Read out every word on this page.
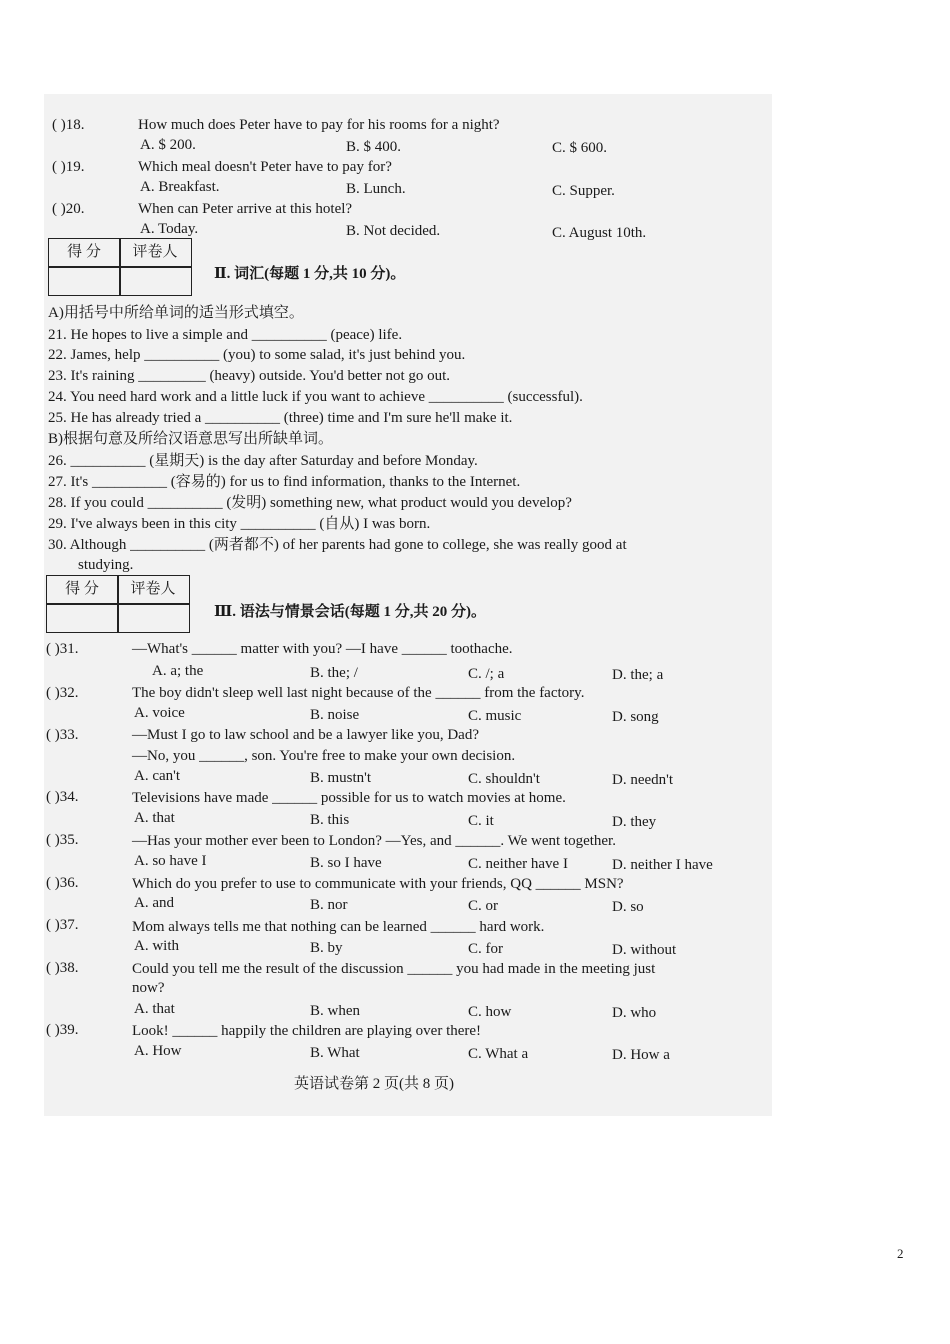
( )18.	How much does Peter have to pay for his rooms for a night?
A. $ 200.	B. $ 400.	C. $ 600.
( )19.	Which meal doesn't Peter have to pay for?
A. Breakfast.	B. Lunch.	C. Supper.
( )20.	When can Peter arrive at this hotel?
A. Today.	B. Not decided.	C. August 10th.
得 分	评卷人
Ⅱ. 词汇(每题 1 分,共 10 分)。
A)用括号中所给单词的适当形式填空。
21. He hopes to live a simple and __________ (peace) life.
22. James, help __________ (you) to some salad, it's just behind you.
23. It's raining _________ (heavy) outside. You'd better not go out.
24. You need hard work and a little luck if you want to achieve __________ (successful).
25. He has already tried a __________ (three) time and I'm sure he'll make it.
B)根据句意及所给汉语意思写出所缺单词。
26. __________ (星期天) is the day after Saturday and before Monday.
27. It's __________ (容易的) for us to find information, thanks to the Internet.
28. If you could __________ (发明) something new, what product would you develop?
29. I've always been in this city __________ (自从) I was born.
30. Although __________ (两者都不) of her parents had gone to college, she was really good at
studying.
得 分	评卷人
Ⅲ. 语法与情景会话(每题 1 分,共 20 分)。
( )31.	—What's ______ matter with you? —I have ______ toothache.
A. a; the	B. the; /	C. /; a	D. the; a
( )32.	The boy didn't sleep well last night because of the ______ from the factory.
A. voice	B. noise	C. music	D. song
( )33.	—Must I go to law school and be a lawyer like you, Dad?
—No, you ______, son. You're free to make your own decision.
A. can't	B. mustn't	C. shouldn't	D. needn't
( )34.	Televisions have made ______ possible for us to watch movies at home.
A. that	B. this	C. it	D. they
( )35.	—Has your mother ever been to London? —Yes, and ______. We went together.
A. so have I	B. so I have	C. neither have I	D. neither I have
( )36.	Which do you prefer to use to communicate with your friends, QQ ______ MSN?
A. and	B. nor	C. or	D. so
( )37.	Mom always tells me that nothing can be learned ______ hard work.
A. with	B. by	C. for	D. without
( )38.	Could you tell me the result of the discussion ______ you had made in the meeting just
now?
A. that	B. when	C. how	D. who
( )39.	Look! ______ happily the children are playing over there!
A. How	B. What	C. What a	D. How a
英语试卷第 2 页(共 8 页)
2
